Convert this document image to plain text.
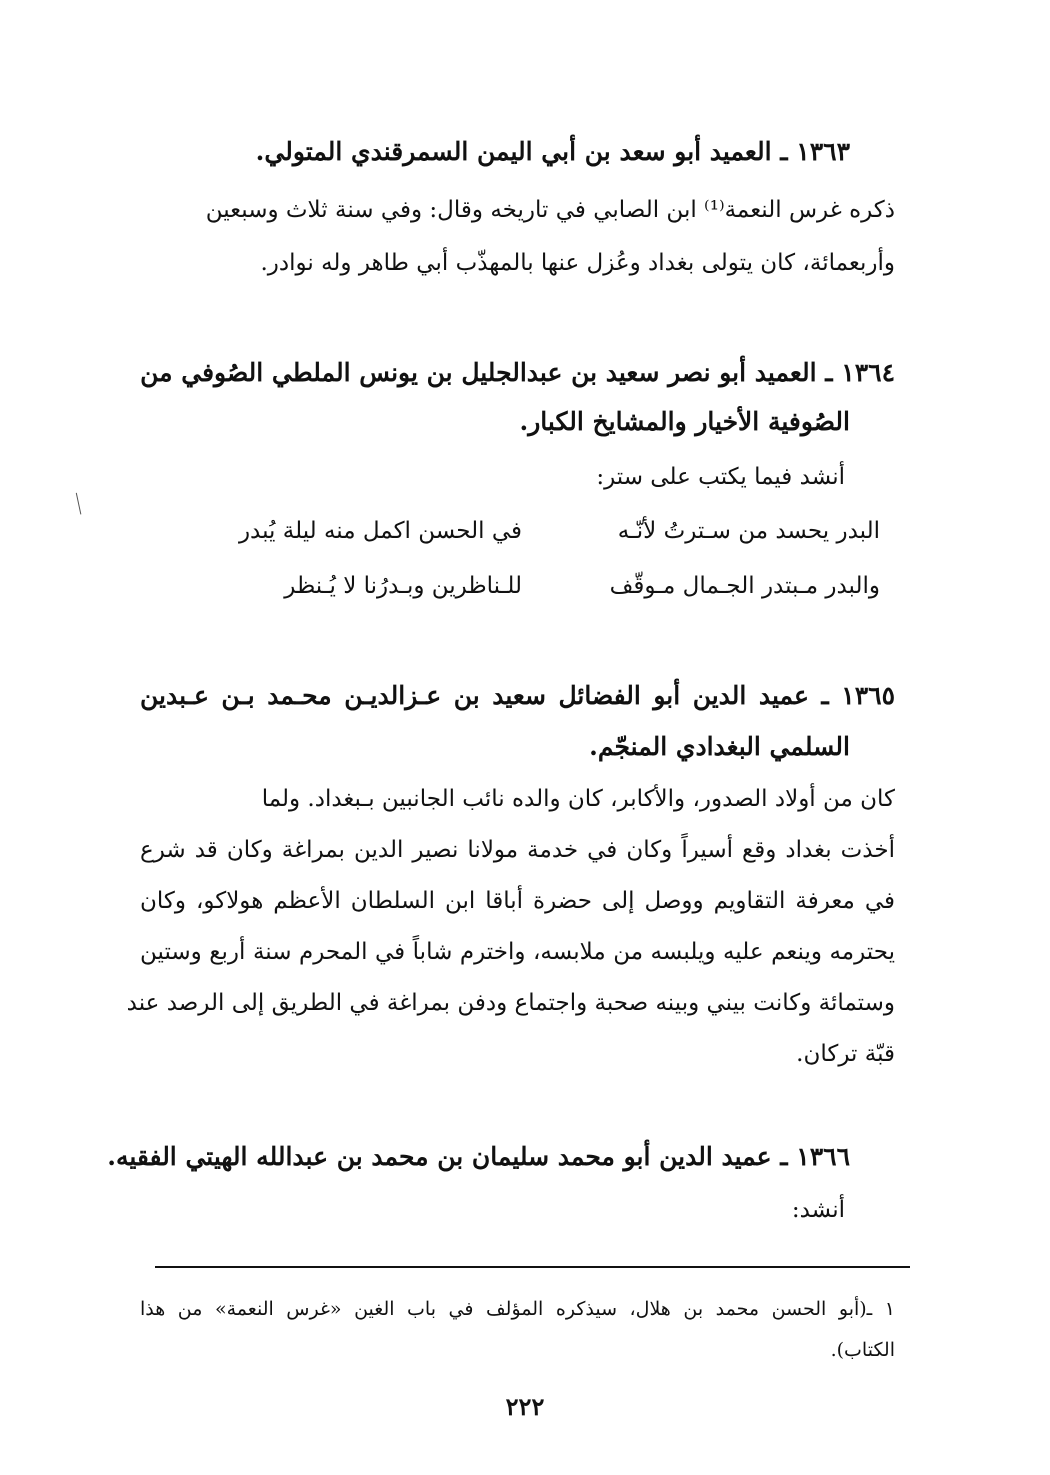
١٣٦٣ ـ العميد أبو سعد بن أبي اليمن السمرقندي المتولي.
ذكره غرس النعمة⁽¹⁾ ابن الصابي في تاريخه وقال: وفي سنة ثلاث وسبعين
وأربعمائة، كان يتولى بغداد وعُزل عنها بالمهذّب أبي طاهر وله نوادر.
١٣٦٤ ـ العميد أبو نصر سعيد بن عبدالجليل بن يونس الملطي الصُوفي من
الصُوفية الأخيار والمشايخ الكبار.
أنشد فيما يكتب على ستر:
البدر يحسد من سـترتُ لأنّـه
في الحسن اكمل منه ليلة يُبدر
والبدر مـبتدر الجـمال مـوقّف
للـناظرين وبـدرُنا لا يُـنظر
١٣٦٥ ـ عميد الدين أبو الفضائل سعيد بن عـزالديـن محـمد بـن عـبدين
السلمي البغدادي المنجّم.
كان من أولاد الصدور، والأكابر، كان والده نائب الجانبين بـبغداد. ولما
أخذت بغداد وقع أسيراً وكان في خدمة مولانا نصير الدين بمراغة وكان قد شرع
في معرفة التقاويم ووصل إلى حضرة أباقا ابن السلطان الأعظم هولاكو، وكان
يحترمه وينعم عليه ويلبسه من ملابسه، واخترم شاباً في المحرم سنة أربع وستين
وستمائة وكانت بيني وبينه صحبة واجتماع ودفن بمراغة في الطريق إلى الرصد عند
قبّة تركان.
١٣٦٦ ـ عميد الدين أبو محمد سليمان بن محمد بن عبدالله الهيتي الفقيه.
أنشد:
١ ـ(أبو الحسن محمد بن هلال، سيذكره المؤلف في باب الغين «غرس النعمة» من هذا
الكتاب).
٢٢٢
